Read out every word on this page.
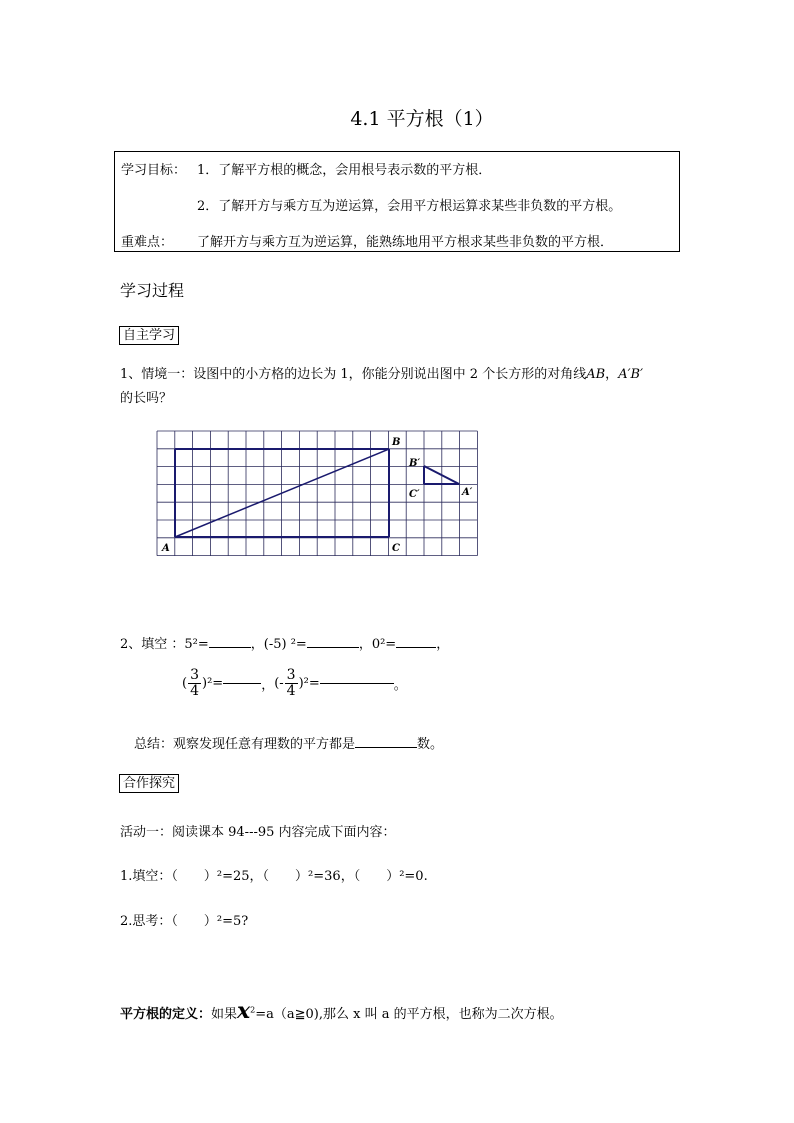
4.1 平方根（1）
学习目标： 1．了解平方根的概念，会用根号表示数的平方根．
2．了解开方与乘方互为逆运算，会用平方根运算求某些非负数的平方根。
重难点： 了解开方与乘方互为逆运算，能熟练地用平方根求某些非负数的平方根．
学习过程
自主学习
1、情境一：设图中的小方格的边长为 1，你能分别说出图中 2 个长方形的对角线AB，A′B′
的长吗？
A
B
C
B′
C′	A′
2、填空 ：5²=	，(-5) ²=	，0²=	，
( $\frac{3}{4} )^2=$	， (- $\frac{3}{4} )^2=$	。
总结：观察发现任意有理数的平方都是	数。
合作探究
活动一：阅读课本 94---95 内容完成下面内容：
1.填空：（　　）²=25，（　　）²=36，（　　）²=0.
2.思考：（　　）²=5?
平方根的定义：如果$x^2=a(a≧0)$,那么 x 叫 a 的平方根，也称为二次方根。
